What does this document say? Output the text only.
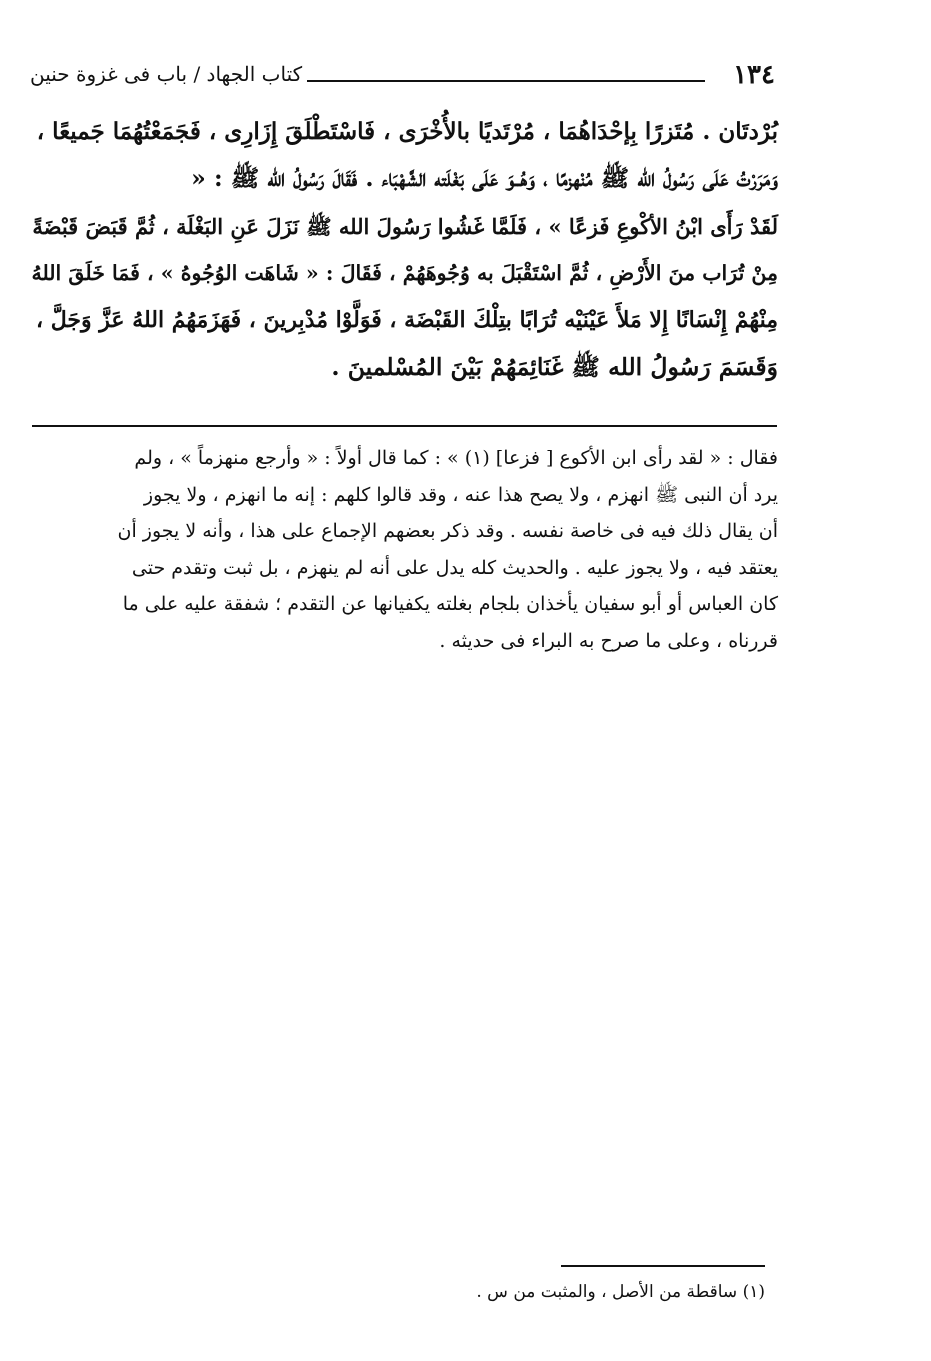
١٣٤
كتاب الجهاد / باب فى غزوة حنين
بُرْدتَان . مُتَزرًا بِإحْدَاهُمَا ، مُرْتَديًا بالأُخْرَى ، فَاسْتَطْلَقَ إِزَارِى ، فَجَمَعْتُهُمَا جَميعًا ،
وَمَرَرْتُ عَلَى رَسُولُ الله ﷺ مُنْهزمًا ، وَهُــوَ عَلَى بَغْلَته الشَّهْبَاء . فَقَالَ رَسُولُ الله ﷺ : «
لَقَدْ رَأَى ابْنُ الأكْوعِ فَزعًا » ، فَلَمَّا غَشُوا رَسُولَ الله ﷺ نَزَلَ عَنِ البَغْلَة ، ثُمَّ قَبَضَ قَبْضَةً
مِنْ تُرَاب منَ الأَرْضِ ، ثُمَّ اسْتَقْبَلَ به وُجُوهَهُمْ ، فَقَالَ : « شَاهَت الوُجُوهُ » ، فَمَا خَلَقَ اللهُ
مِنْهُمْ إِنْسَانًا إِلا مَلأَ عَيْنَيْه تُرَابًا بتِلْكَ القَبْضَة ، فَوَلَّوْا مُدْبِرينَ ، فَهَزَمَهُمُ اللهُ عَزَّ وَجَلَّ ،
وَقَسَمَ رَسُولُ الله ﷺ غَنَائِمَهُمْ بَيْنَ المُسْلمينَ .
فقال : « لقد رأى ابن الأكوع [ فزعا] (١) » : كما قال أولاً : « وأرجع منهزماً » ، ولم
يرد أن النبى ﷺ انهزم ، ولا يصح هذا عنه ، وقد قالوا كلهم : إنه ما انهزم ، ولا يجوز
أن يقال ذلك فيه فى خاصة نفسه . وقد ذكر بعضهم الإجماع على هذا ، وأنه لا يجوز أن
يعتقد فيه ، ولا يجوز عليه . والحديث كله يدل على أنه لم ينهزم ، بل ثبت وتقدم حتى
كان العباس أو أبو سفيان يأخذان بلجام بغلته يكفيانها عن التقدم ؛ شفقة عليه على ما
قررناه ، وعلى ما صرح به البراء فى حديثه .
(١) ساقطة من الأصل ، والمثبت من س .
